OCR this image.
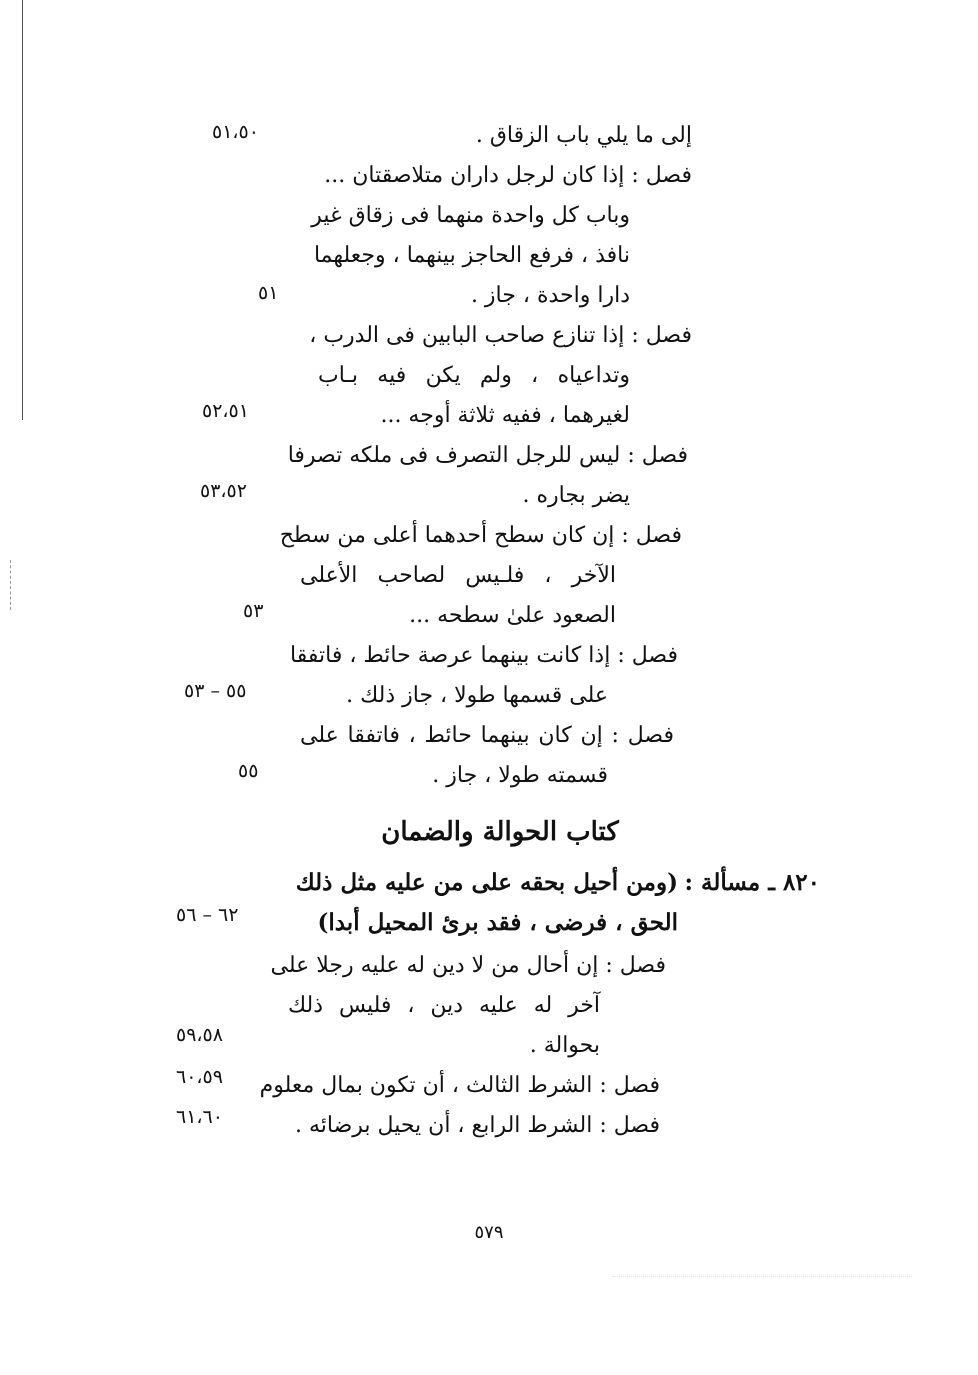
إلى ما يلي باب الزقاق .
فصل : إذا كان لرجل داران متلاصقتان ...
وباب كل واحدة منهما فى زقاق غير
نافذ ، فرفع الحاجز بينهما ، وجعلهما
دارا واحدة ، جاز .
فصل : إذا تنازع صاحب البابين فى الدرب ،
وتداعياه ، ولم يكن فيه بـاب
لغيرهما ، ففيه ثلاثة أوجه ...
فصل : ليس للرجل التصرف فى ملكه تصرفا
يضر بجاره .
فصل : إن كان سطح أحدهما أعلى من سطح
الآخر ، فلـيس لصاحب الأعلى
الصعود علىٰ سطحه ...
فصل : إذا كانت بينهما عرصة حائط ، فاتفقا
على قسمها طولا ، جاز ذلك .
فصل : إن كان بينهما حائط ، فاتفقا على
قسمته طولا ، جاز .
٥١،٥٠
٥١
٥٢،٥١
٥٣،٥٢
٥٣
٥٥ – ٥٣
٥٥
كتاب الحوالة والضمان
٨٢٠ ـ مسألة :
(ومن أحيل بحقه على من عليه مثل ذلك
الحق ، فرضى ، فقد برئ المحيل أبدا)
فصل : إن أحال من لا دين له عليه رجلا على
آخر له عليه دين ، فليس ذلك
بحوالة .
فصل : الشرط الثالث ، أن تكون بمال معلوم
فصل : الشرط الرابع ، أن يحيل برضائه .
٦٢ – ٥٦
٥٩،٥٨
٦٠،٥٩
٦١،٦٠
٥٧٩
